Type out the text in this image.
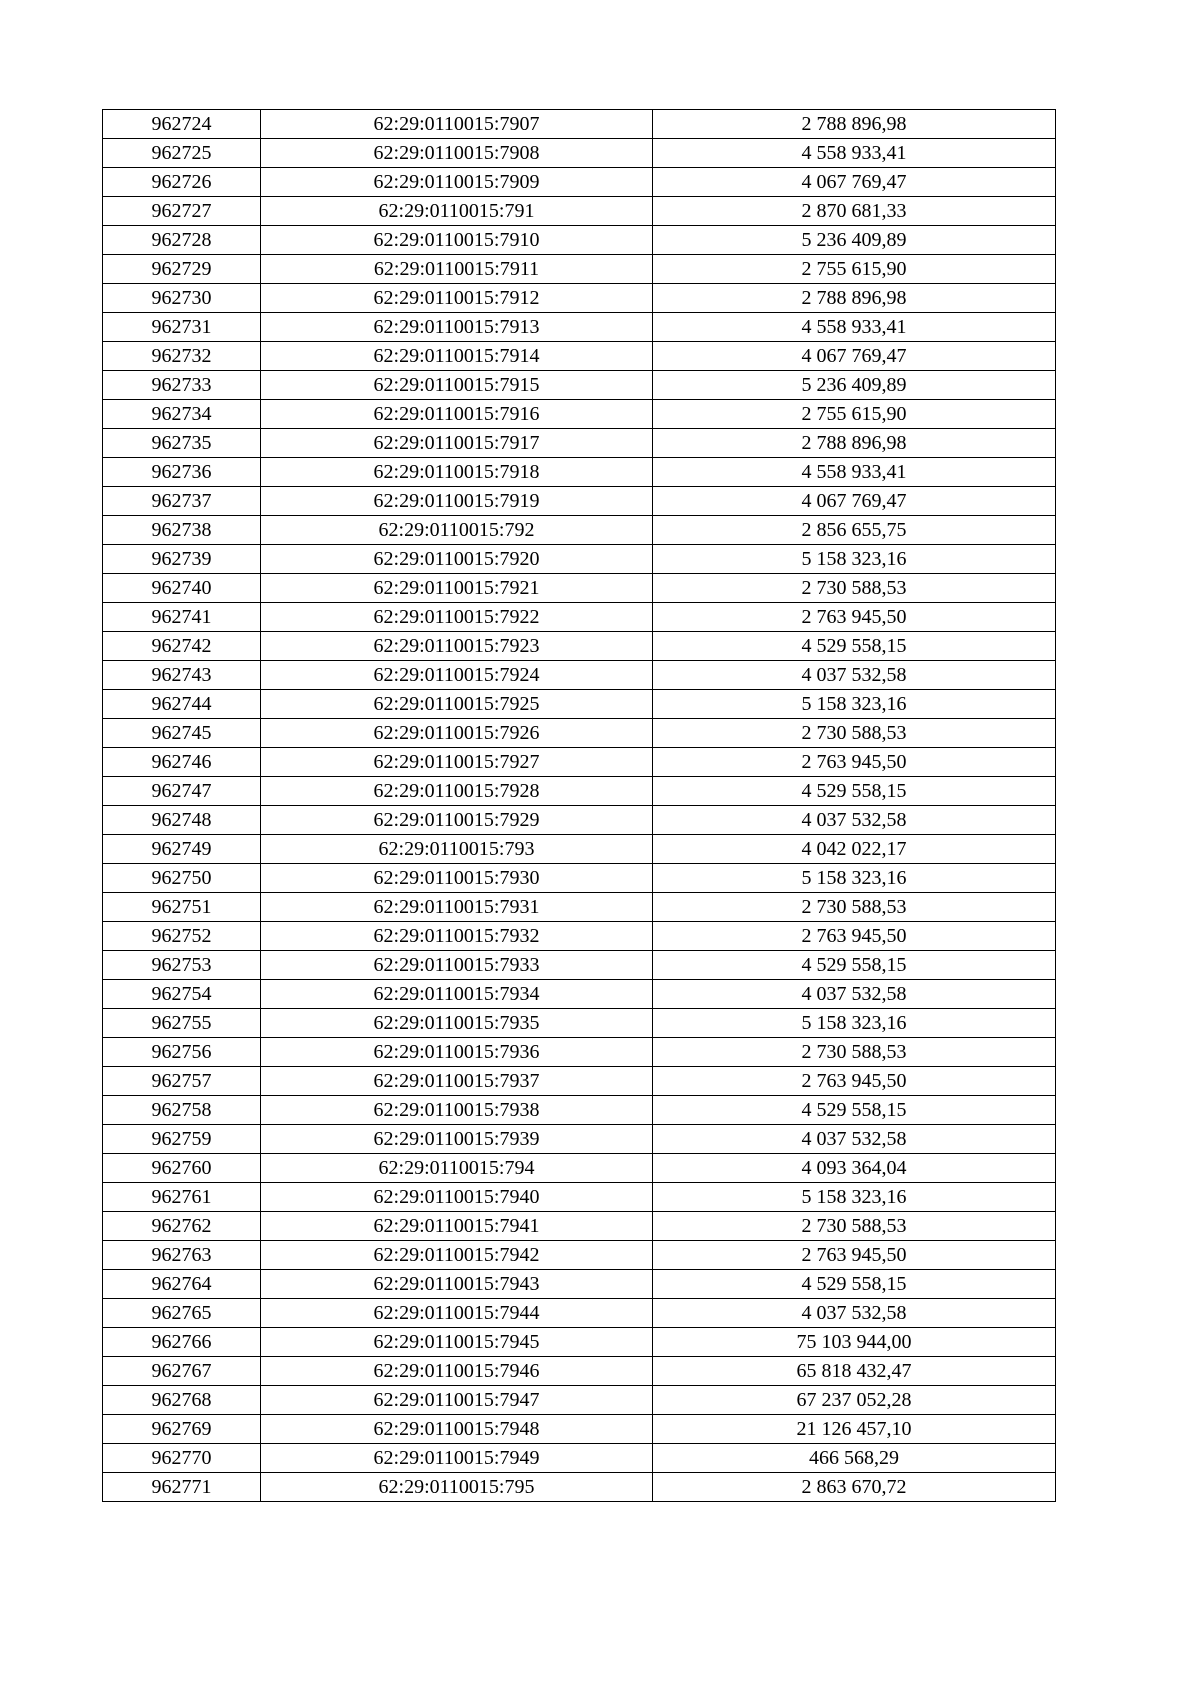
962724	62:29:0110015:7907	2 788 896,98
962725	62:29:0110015:7908	4 558 933,41
962726	62:29:0110015:7909	4 067 769,47
962727	62:29:0110015:791	2 870 681,33
962728	62:29:0110015:7910	5 236 409,89
962729	62:29:0110015:7911	2 755 615,90
962730	62:29:0110015:7912	2 788 896,98
962731	62:29:0110015:7913	4 558 933,41
962732	62:29:0110015:7914	4 067 769,47
962733	62:29:0110015:7915	5 236 409,89
962734	62:29:0110015:7916	2 755 615,90
962735	62:29:0110015:7917	2 788 896,98
962736	62:29:0110015:7918	4 558 933,41
962737	62:29:0110015:7919	4 067 769,47
962738	62:29:0110015:792	2 856 655,75
962739	62:29:0110015:7920	5 158 323,16
962740	62:29:0110015:7921	2 730 588,53
962741	62:29:0110015:7922	2 763 945,50
962742	62:29:0110015:7923	4 529 558,15
962743	62:29:0110015:7924	4 037 532,58
962744	62:29:0110015:7925	5 158 323,16
962745	62:29:0110015:7926	2 730 588,53
962746	62:29:0110015:7927	2 763 945,50
962747	62:29:0110015:7928	4 529 558,15
962748	62:29:0110015:7929	4 037 532,58
962749	62:29:0110015:793	4 042 022,17
962750	62:29:0110015:7930	5 158 323,16
962751	62:29:0110015:7931	2 730 588,53
962752	62:29:0110015:7932	2 763 945,50
962753	62:29:0110015:7933	4 529 558,15
962754	62:29:0110015:7934	4 037 532,58
962755	62:29:0110015:7935	5 158 323,16
962756	62:29:0110015:7936	2 730 588,53
962757	62:29:0110015:7937	2 763 945,50
962758	62:29:0110015:7938	4 529 558,15
962759	62:29:0110015:7939	4 037 532,58
962760	62:29:0110015:794	4 093 364,04
962761	62:29:0110015:7940	5 158 323,16
962762	62:29:0110015:7941	2 730 588,53
962763	62:29:0110015:7942	2 763 945,50
962764	62:29:0110015:7943	4 529 558,15
962765	62:29:0110015:7944	4 037 532,58
962766	62:29:0110015:7945	75 103 944,00
962767	62:29:0110015:7946	65 818 432,47
962768	62:29:0110015:7947	67 237 052,28
962769	62:29:0110015:7948	21 126 457,10
962770	62:29:0110015:7949	466 568,29
962771	62:29:0110015:795	2 863 670,72
